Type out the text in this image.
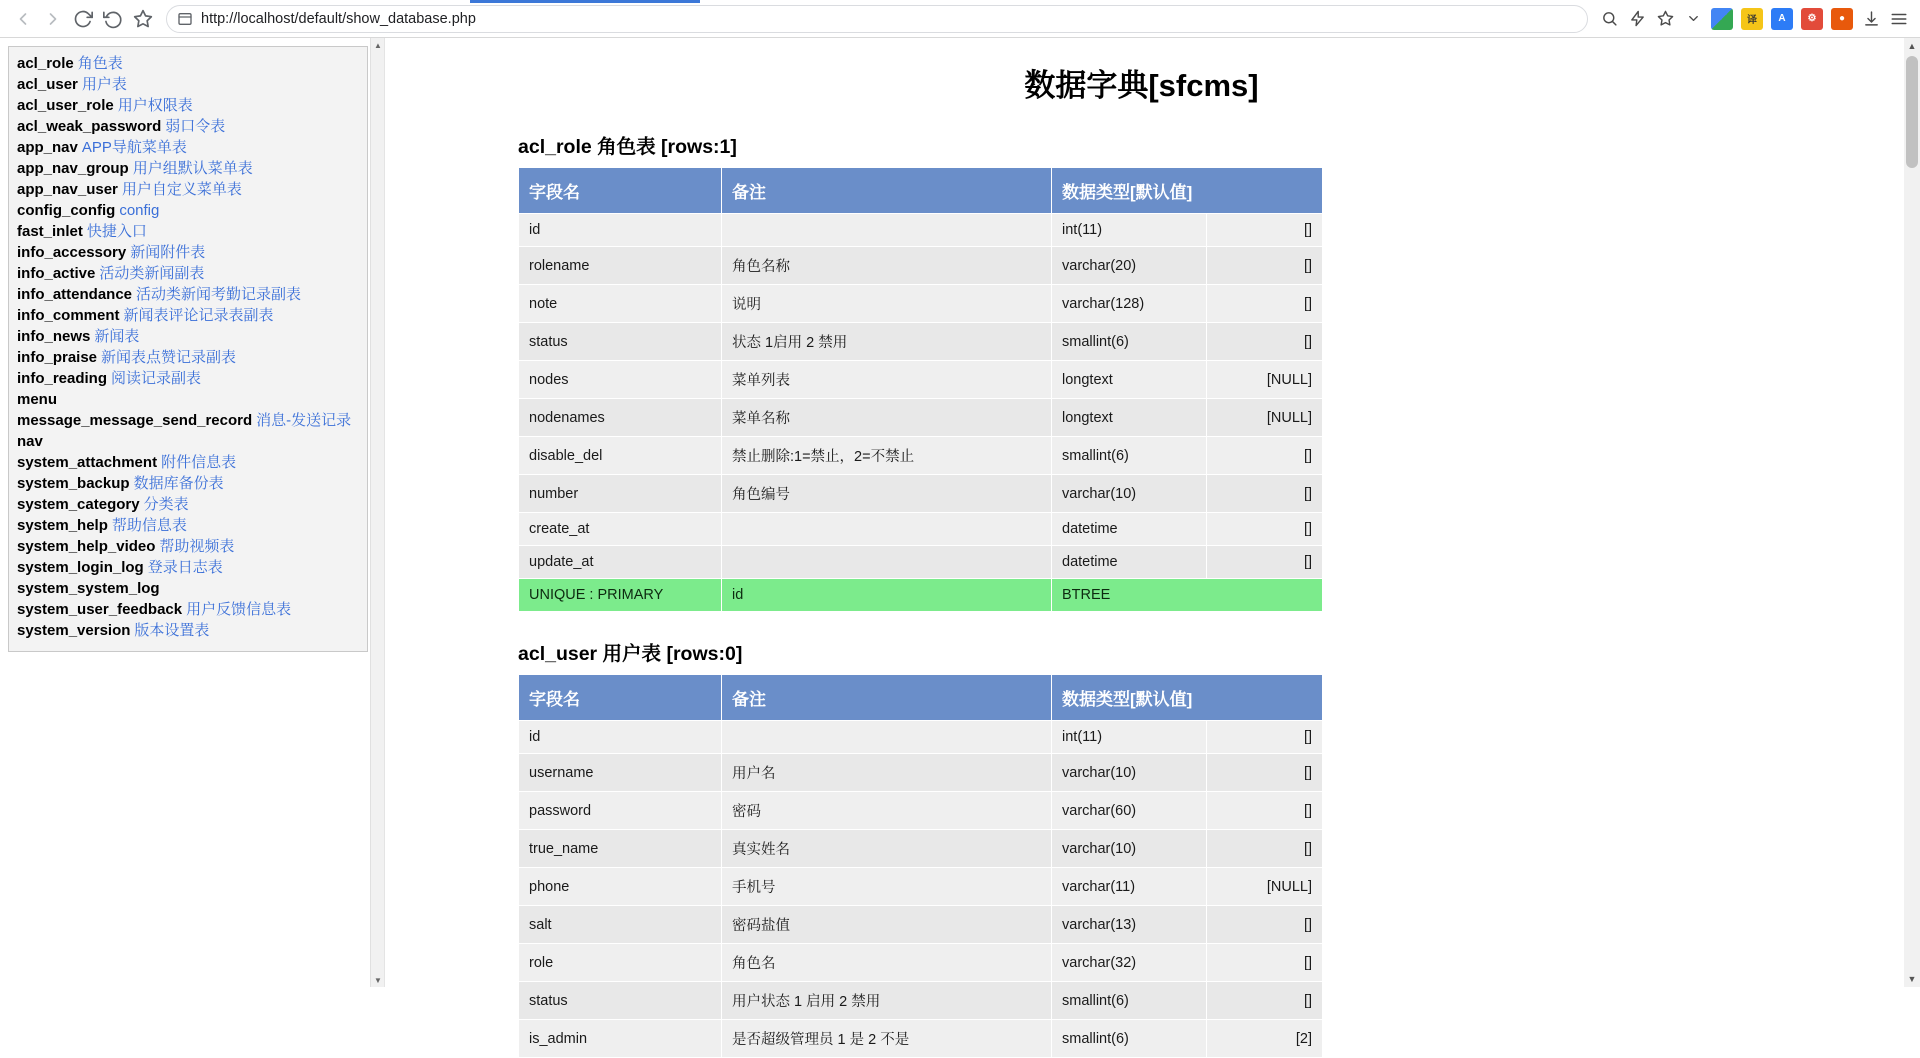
http://localhost/default/show_database.php	译	A	⚙	●
acl_role 角色表
acl_user 用户表
acl_user_role 用户权限表
acl_weak_password 弱口令表
app_nav APP导航菜单表
app_nav_group 用户组默认菜单表
app_nav_user 用户自定义菜单表
config_config config
fast_inlet 快捷入口
info_accessory 新闻附件表
info_active 活动类新闻副表
info_attendance 活动类新闻考勤记录副表
info_comment 新闻表评论记录表副表
info_news 新闻表
info_praise 新闻表点赞记录副表
info_reading 阅读记录副表
menu
message_message_send_record 消息-发送记录
nav
system_attachment 附件信息表
system_backup 数据库备份表
system_category 分类表
system_help 帮助信息表
system_help_video 帮助视频表
system_login_log 登录日志表
system_system_log
system_user_feedback 用户反馈信息表
system_version 版本设置表
▲
▼
数据字典[sfcms]
acl_role 角色表 [rows:1]
字段名	备注	数据类型[默认值]	
id		int(11)	[]
rolename	角色名称	varchar(20)	[]
note	说明	varchar(128)	[]
status	状态 1启用 2 禁用	smallint(6)	[]
nodes	菜单列表	longtext	[NULL]
nodenames	菜单名称	longtext	[NULL]
disable_del	禁止删除:1=禁止，2=不禁止	smallint(6)	[]
number	角色编号	varchar(10)	[]
create_at		datetime	[]
update_at		datetime	[]
UNIQUE : PRIMARY	id	BTREE	
acl_user 用户表 [rows:0]
字段名	备注	数据类型[默认值]	
id		int(11)	[]
username	用户名	varchar(10)	[]
password	密码	varchar(60)	[]
true_name	真实姓名	varchar(10)	[]
phone	手机号	varchar(11)	[NULL]
salt	密码盐值	varchar(13)	[]
role	角色名	varchar(32)	[]
status	用户状态 1 启用 2 禁用	smallint(6)	[]
is_admin	是否超级管理员 1 是 2 不是	smallint(6)	[2]
▲
▼
